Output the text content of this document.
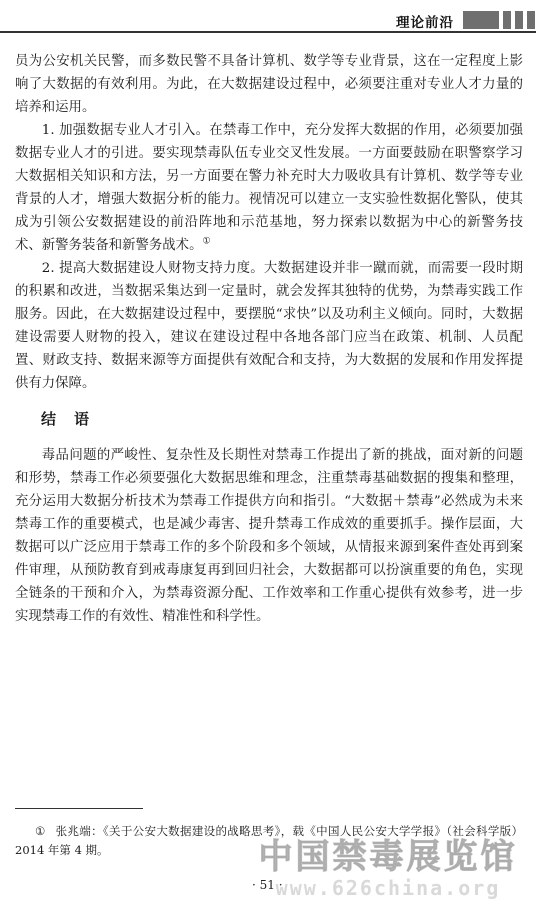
理论前沿

员为公安机关民警，而多数民警不具备计算机、数学等专业背景，这在一定程度上影响了大数据的有效利用。为此，在大数据建设过程中，必须要注重对专业人才力量的培养和运用。

1. 加强数据专业人才引入。在禁毒工作中，充分发挥大数据的作用，必须要加强数据专业人才的引进。要实现禁毒队伍专业交叉性发展。一方面要鼓励在职警察学习大数据相关知识和方法，另一方面要在警力补充时大力吸收具有计算机、数学等专业背景的人才，增强大数据分析的能力。视情况可以建立一支实验性数据化警队，使其成为引领公安数据建设的前沿阵地和示范基地，努力探索以数据为中心的新警务技术、新警务装备和新警务战术。①

2. 提高大数据建设人财物支持力度。大数据建设并非一蹴而就，而需要一段时期的积累和改进，当数据采集达到一定量时，就会发挥其独特的优势，为禁毒实践工作服务。因此，在大数据建设过程中，要摆脱“求快”以及功利主义倾向。同时，大数据建设需要人财物的投入，建议在建设过程中各地各部门应当在政策、机制、人员配置、财政支持、数据来源等方面提供有效配合和支持，为大数据的发展和作用发挥提供有力保障。

结语

毒品问题的严峻性、复杂性及长期性对禁毒工作提出了新的挑战，面对新的问题和形势，禁毒工作必须要强化大数据思维和理念，注重禁毒基础数据的搜集和整理，充分运用大数据分析技术为禁毒工作提供方向和指引。“大数据＋禁毒”必然成为未来禁毒工作的重要模式，也是减少毒害、提升禁毒工作成效的重要抓手。操作层面，大数据可以广泛应用于禁毒工作的多个阶段和多个领域，从情报来源到案件查处再到案件审理，从预防教育到戒毒康复再到回归社会，大数据都可以扮演重要的角色，实现全链条的干预和介入，为禁毒资源分配、工作效率和工作重心提供有效参考，进一步实现禁毒工作的有效性、精准性和科学性。

① 张兆端：《关于公安大数据建设的战略思考》，载《中国人民公安大学学报》（社会科学版）2014 年第 4 期。	中国禁毒展览馆
www.626china.org
· 51 ·
